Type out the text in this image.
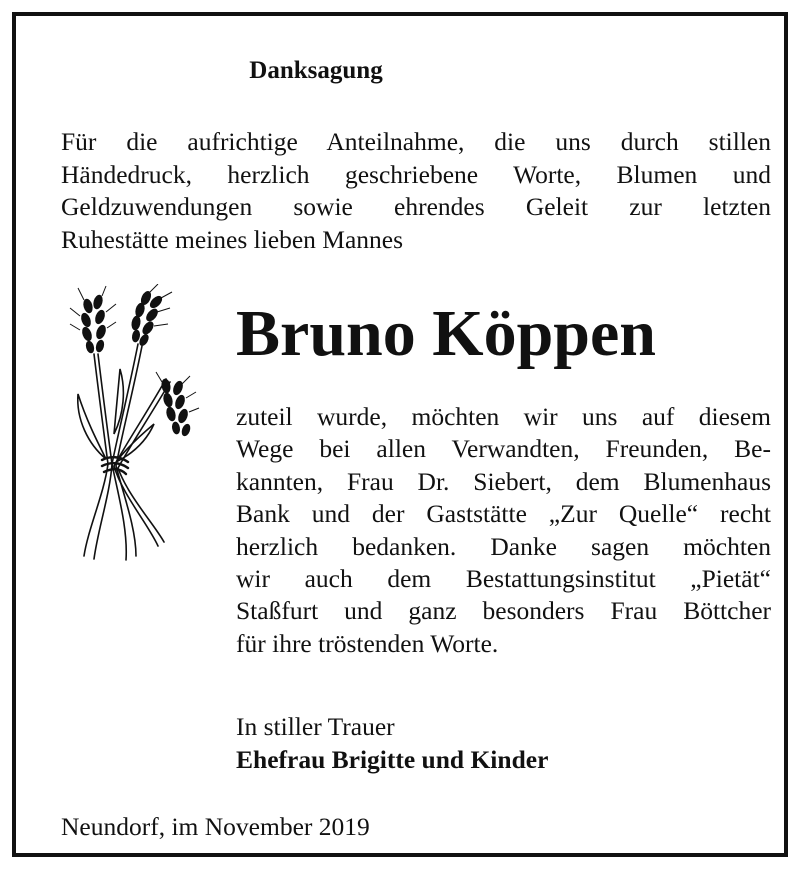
Danksagung
Für die aufrichtige Anteilnahme, die uns durch stillen
Händedruck, herzlich geschriebene Worte, Blumen und
Geldzuwendungen sowie ehrendes Geleit zur letzten
Ruhestätte meines lieben Mannes
Bruno Köppen
zuteil wurde, möchten wir uns auf diesem
Wege bei allen Verwandten, Freunden, Be-
kannten, Frau Dr. Siebert, dem Blumenhaus
Bank und der Gaststätte „Zur Quelle“ recht
herzlich bedanken. Danke sagen möchten
wir auch dem Bestattungsinstitut „Pietät“
Staßfurt und ganz besonders Frau Böttcher
für ihre tröstenden Worte.
In stiller Trauer
Ehefrau Brigitte und Kinder
Neundorf, im November 2019
